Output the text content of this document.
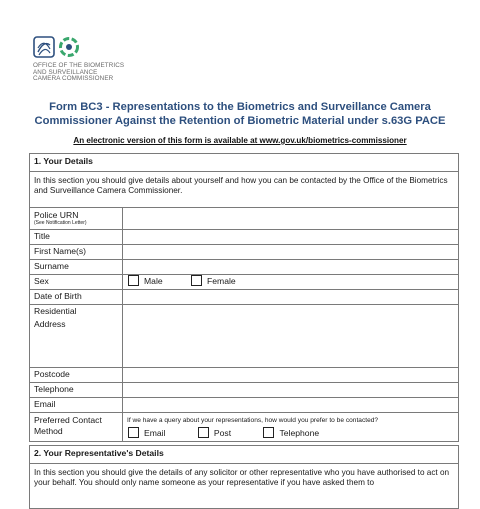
OFFICE OF THE BIOMETRICS
AND SURVEILLANCE
CAMERA COMMISSIONER
Form BC3 - Representations to the Biometrics and Surveillance Camera
Commissioner Against the Retention of Biometric Material under s.63G PACE
An electronic version of this form is available at www.gov.uk/biometrics-commissioner
1. Your Details	
In this section you should give details about yourself and how you can be contacted by the Office of the Biometrics and Surveillance Camera Commissioner.	
Police URN
(See Notification Letter)	

Title	
First Name(s)	
Surname	
Sex	Male Female
Date of Birth	

Residential Address	

Postcode	
Telephone	
Email	
Preferred Contact Method	If we have a query about your representations, how would you prefer to be contacted?
Email Post Telephone
2. Your Representative's Details
In this section you should give the details of any solicitor or other representative who you have authorised to act on your behalf. You should only name someone as your representative if you have asked them to
